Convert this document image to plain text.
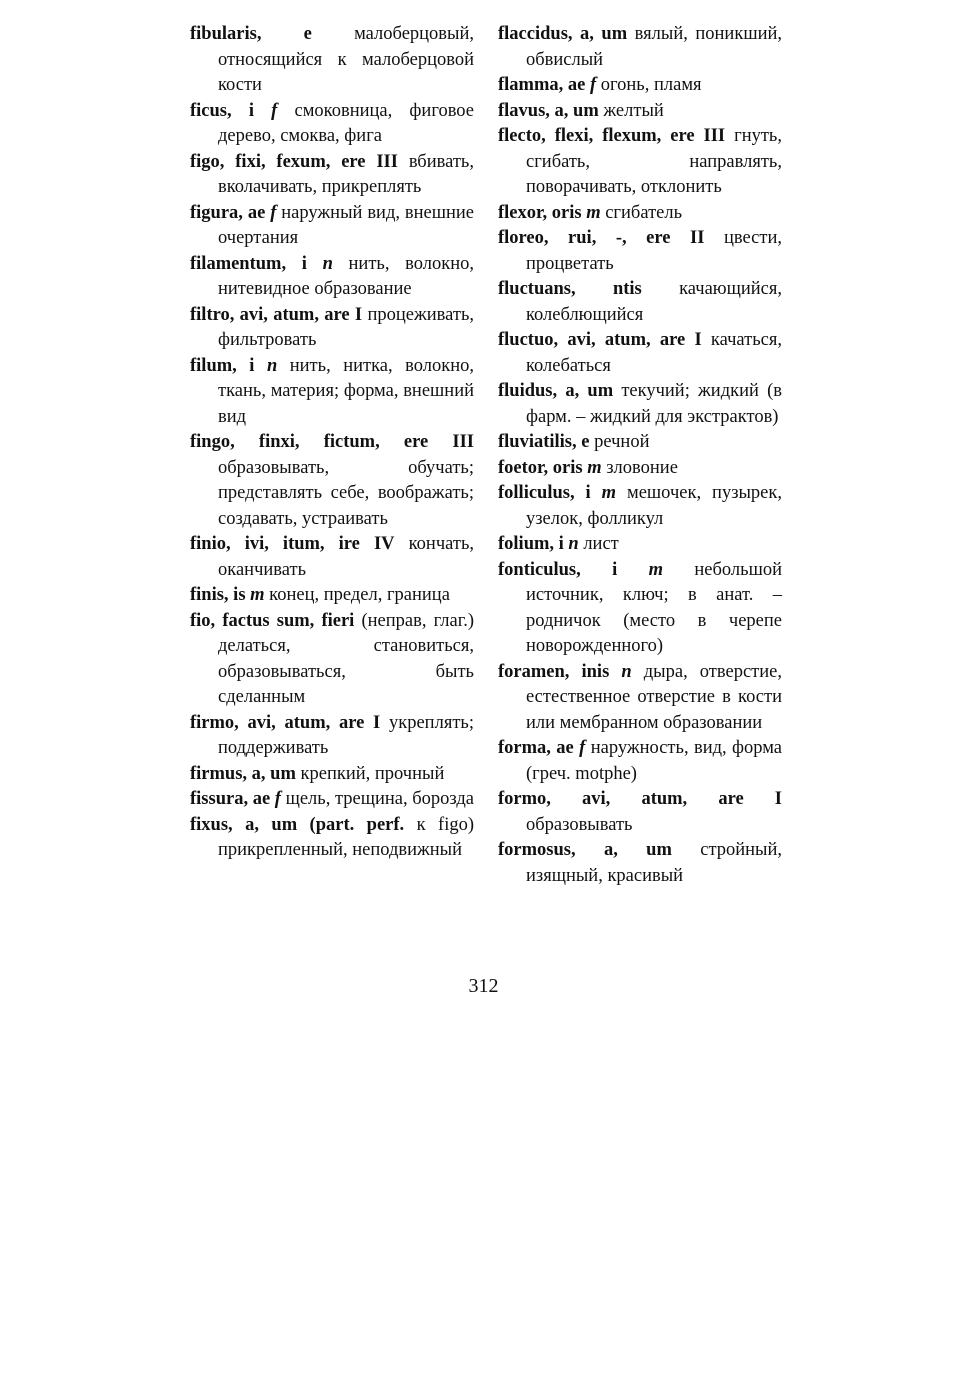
fibularis, e малоберцовый, относящийся к малоберцовой кости
ficus, i f смоковница, фиговое дерево, смоква, фига
figo, fixi, fexum, ere III вбивать, вколачивать, прикреплять
figura, ae f наружный вид, внешние очертания
filamentum, i n нить, волокно, нитевидное образование
filtro, avi, atum, are I процеживать, фильтровать
filum, i n нить, нитка, волокно, ткань, материя; форма, внешний вид
fingo, finxi, fictum, ere III образовывать, обучать; представлять себе, воображать; создавать, устраивать
finio, ivi, itum, ire IV кончать, оканчивать
finis, is m конец, предел, граница
fio, factus sum, fieri (неправ, глаг.) делаться, становиться, образовываться, быть сделанным
firmo, avi, atum, are I укреплять; поддерживать
firmus, a, um крепкий, прочный
fissura, ae f щель, трещина, борозда
fixus, a, um (part. perf. к figo) прикрепленный, неподвижный
flaccidus, a, um вялый, поникший, обвислый
flamma, ae f огонь, пламя
flavus, a, um желтый
flecto, flexi, flexum, ere III гнуть, сгибать, направлять, поворачивать, отклонить
flexor, oris m сгибатель
floreo, rui, -, ere II цвести, процветать
fluctuans, ntis качающийся, колеблющийся
fluctuo, avi, atum, are I качаться, колебаться
fluidus, a, um текучий; жидкий (в фарм. – жидкий для экстрактов)
fluviatilis, e речной
foetor, oris m зловоние
folliculus, i m мешочек, пузырек, узелок, фолликул
folium, i n лист
fonticulus, i m небольшой источник, ключ; в анат. – родничок (место в черепе новорожденного)
foramen, inis n дыра, отверстие, естественное отверстие в кости или мембранном образовании
forma, ae f наружность, вид, форма (греч. motphe)
formo, avi, atum, are I образовывать
formosus, a, um стройный, изящный, красивый
312
